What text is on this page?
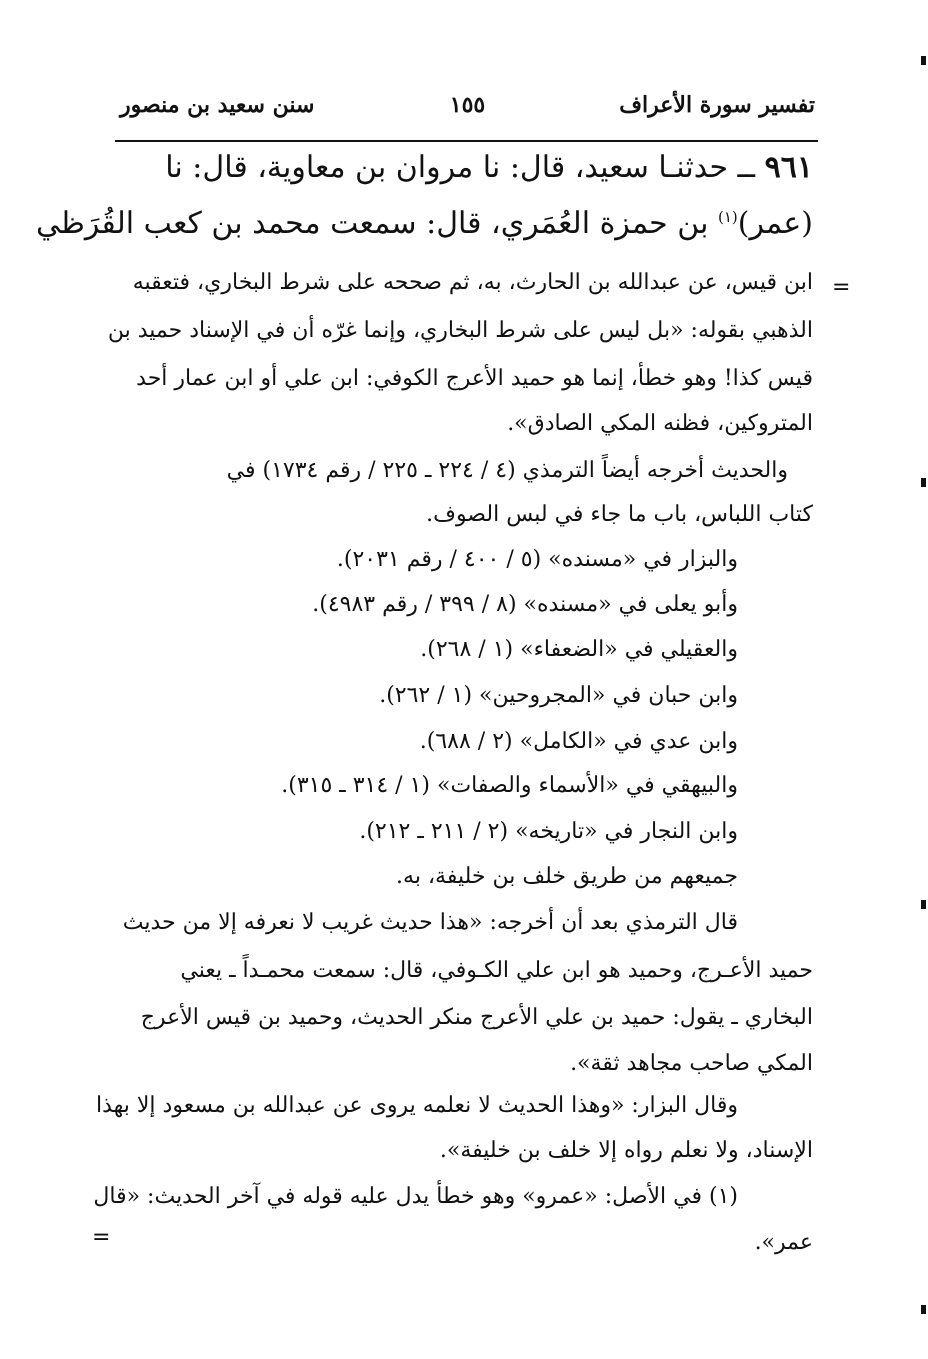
تفسير سورة الأعراف
١٥٥
سنن سعيد بن منصور
٩٦١ ــ حدثنـا سعيد، قال: نا مروان بن معاوية، قال: نا
(عمر)$^{(١)}$ بن حمزة العُمَري، قال: سمعت محمد بن كعب القُرَظي
=
ابن قيس، عن عبدالله بن الحارث، به، ثم صححه على شرط البخاري، فتعقبه
الذهبي بقوله: «بل ليس على شرط البخاري، وإنما غرّه أن في الإسناد حميد بن
قيس كذا! وهو خطأ، إنما هو حميد الأعرج الكوفي: ابن علي أو ابن عمار أحد
المتروكين، فظنه المكي الصادق».
والحديث أخرجه أيضاً الترمذي (٤ / ٢٢٤ ـ ٢٢٥ / رقم ١٧٣٤) في
كتاب اللباس، باب ما جاء في لبس الصوف.
والبزار في «مسنده» (٥ / ٤٠٠ / رقم ٢٠٣١).
وأبو يعلى في «مسنده» (٨ / ٣٩٩ / رقم ٤٩٨٣).
والعقيلي في «الضعفاء» (١ / ٢٦٨).
وابن حبان في «المجروحين» (١ / ٢٦٢).
وابن عدي في «الكامل» (٢ / ٦٨٨).
والبيهقي في «الأسماء والصفات» (١ / ٣١٤ ـ ٣١٥).
وابن النجار في «تاريخه» (٢ / ٢١١ ـ ٢١٢).
جميعهم من طريق خلف بن خليفة، به.
قال الترمذي بعد أن أخرجه: «هذا حديث غريب لا نعرفه إلا من حديث
حميد الأعـرج، وحميد هو ابن علي الكـوفي، قال: سمعت محمـداً ـ يعني
البخاري ـ يقول: حميد بن علي الأعرج منكر الحديث، وحميد بن قيس الأعرج
المكي صاحب مجاهد ثقة».
وقال البزار: «وهذا الحديث لا نعلمه يروى عن عبدالله بن مسعود إلا بهذا
الإسناد، ولا نعلم رواه إلا خلف بن خليفة».
(١) في الأصل: «عمرو» وهو خطأ يدل عليه قوله في آخر الحديث: «قال
عمر».
=
